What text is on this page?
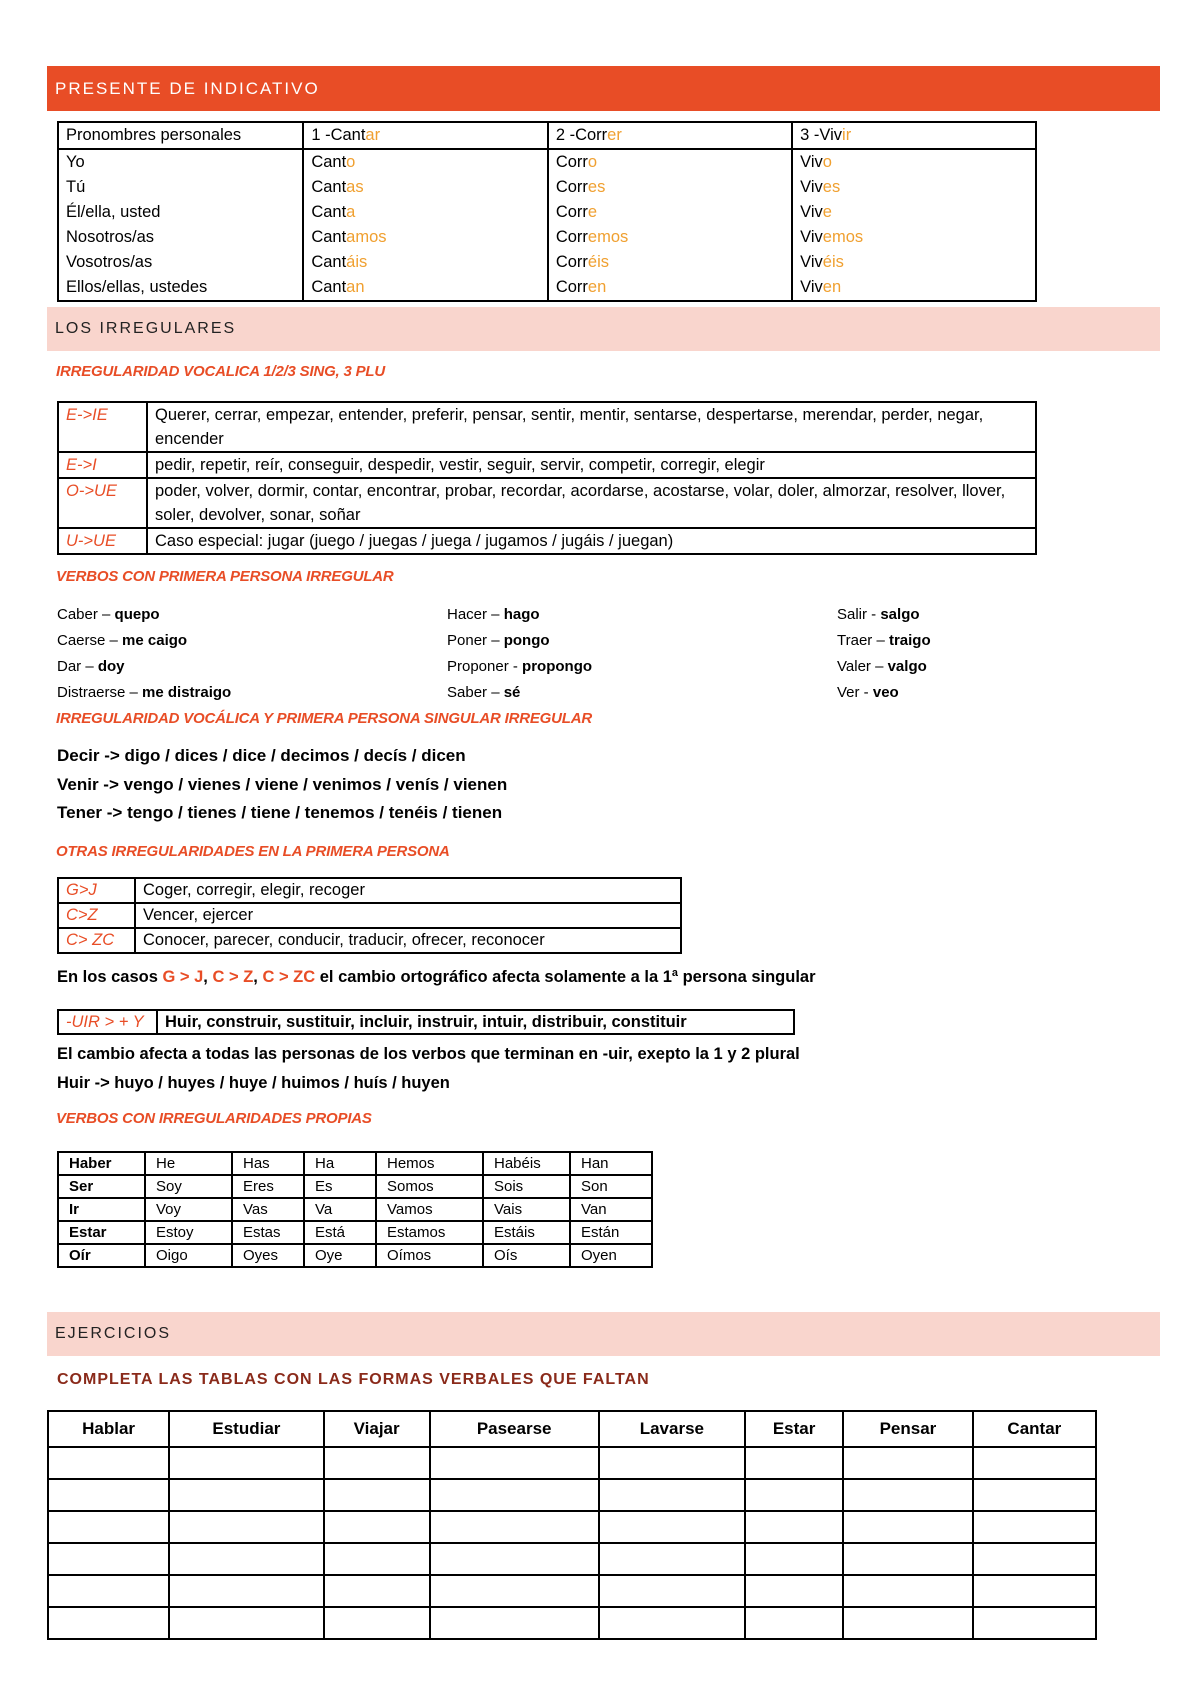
PRESENTE DE INDICATIVO
Pronombres personales	1 -Cantar	2 -Correr	3 -Vivir
Yo	Canto	Corro	Vivo
Tú	Cantas	Corres	Vives
Él/ella, usted	Canta	Corre	Vive
Nosotros/as	Cantamos	Corremos	Vivemos
Vosotros/as	Cantáis	Corréis	Vivéis
Ellos/ellas, ustedes	Cantan	Corren	Viven
LOS IRREGULARES
IRREGULARIDAD VOCALICA 1/2/3 SING, 3 PLU
E->IE	Querer, cerrar, empezar, entender, preferir, pensar, sentir, mentir, sentarse, despertarse, merendar, perder, negar, encender
E->I	pedir, repetir, reír, conseguir, despedir, vestir, seguir, servir, competir, corregir, elegir
O->UE	poder, volver, dormir, contar, encontrar, probar, recordar, acordarse, acostarse, volar, doler, almorzar, resolver, llover, soler, devolver, sonar, soñar
U->UE	Caso especial: jugar (juego / juegas / juega / jugamos / jugáis / juegan)
VERBOS CON PRIMERA PERSONA IRREGULAR
Caber – quepo
Caerse – me caigo
Dar – doy
Distraerse – me distraigo
Hacer – hago
Poner – pongo
Proponer - propongo
Saber – sé
Salir - salgo
Traer – traigo
Valer – valgo
Ver - veo
IRREGULARIDAD VOCÁLICA Y PRIMERA PERSONA SINGULAR IRREGULAR
Decir -> digo / dices / dice / decimos / decís / dicen
Venir -> vengo / vienes / viene / venimos / venís / vienen
Tener -> tengo / tienes / tiene / tenemos / tenéis / tienen
OTRAS IRREGULARIDADES EN LA PRIMERA PERSONA
G>J	Coger, corregir, elegir, recoger
C>Z	Vencer, ejercer
C> ZC	Conocer, parecer, conducir, traducir, ofrecer, reconocer
En los casos G > J, C > Z, C > ZC el cambio ortográfico afecta solamente a la 1ª persona singular
-UIR > + Y	Huir, construir, sustituir, incluir, instruir, intuir, distribuir, constituir
El cambio afecta a todas las personas de los verbos que terminan en -uir, exepto la 1 y 2 plural
Huir -> huyo / huyes / huye / huimos / huís / huyen
VERBOS CON IRREGULARIDADES PROPIAS
Haber	He	Has	Ha	Hemos	Habéis	Han
Ser	Soy	Eres	Es	Somos	Sois	Son
Ir	Voy	Vas	Va	Vamos	Vais	Van
Estar	Estoy	Estas	Está	Estamos	Estáis	Están
Oír	Oigo	Oyes	Oye	Oímos	Oís	Oyen
EJERCICIOS
COMPLETA LAS TABLAS CON LAS FORMAS VERBALES QUE FALTAN
Hablar	Estudiar	Viajar	Pasearse	Lavarse	Estar	Pensar	Cantar
